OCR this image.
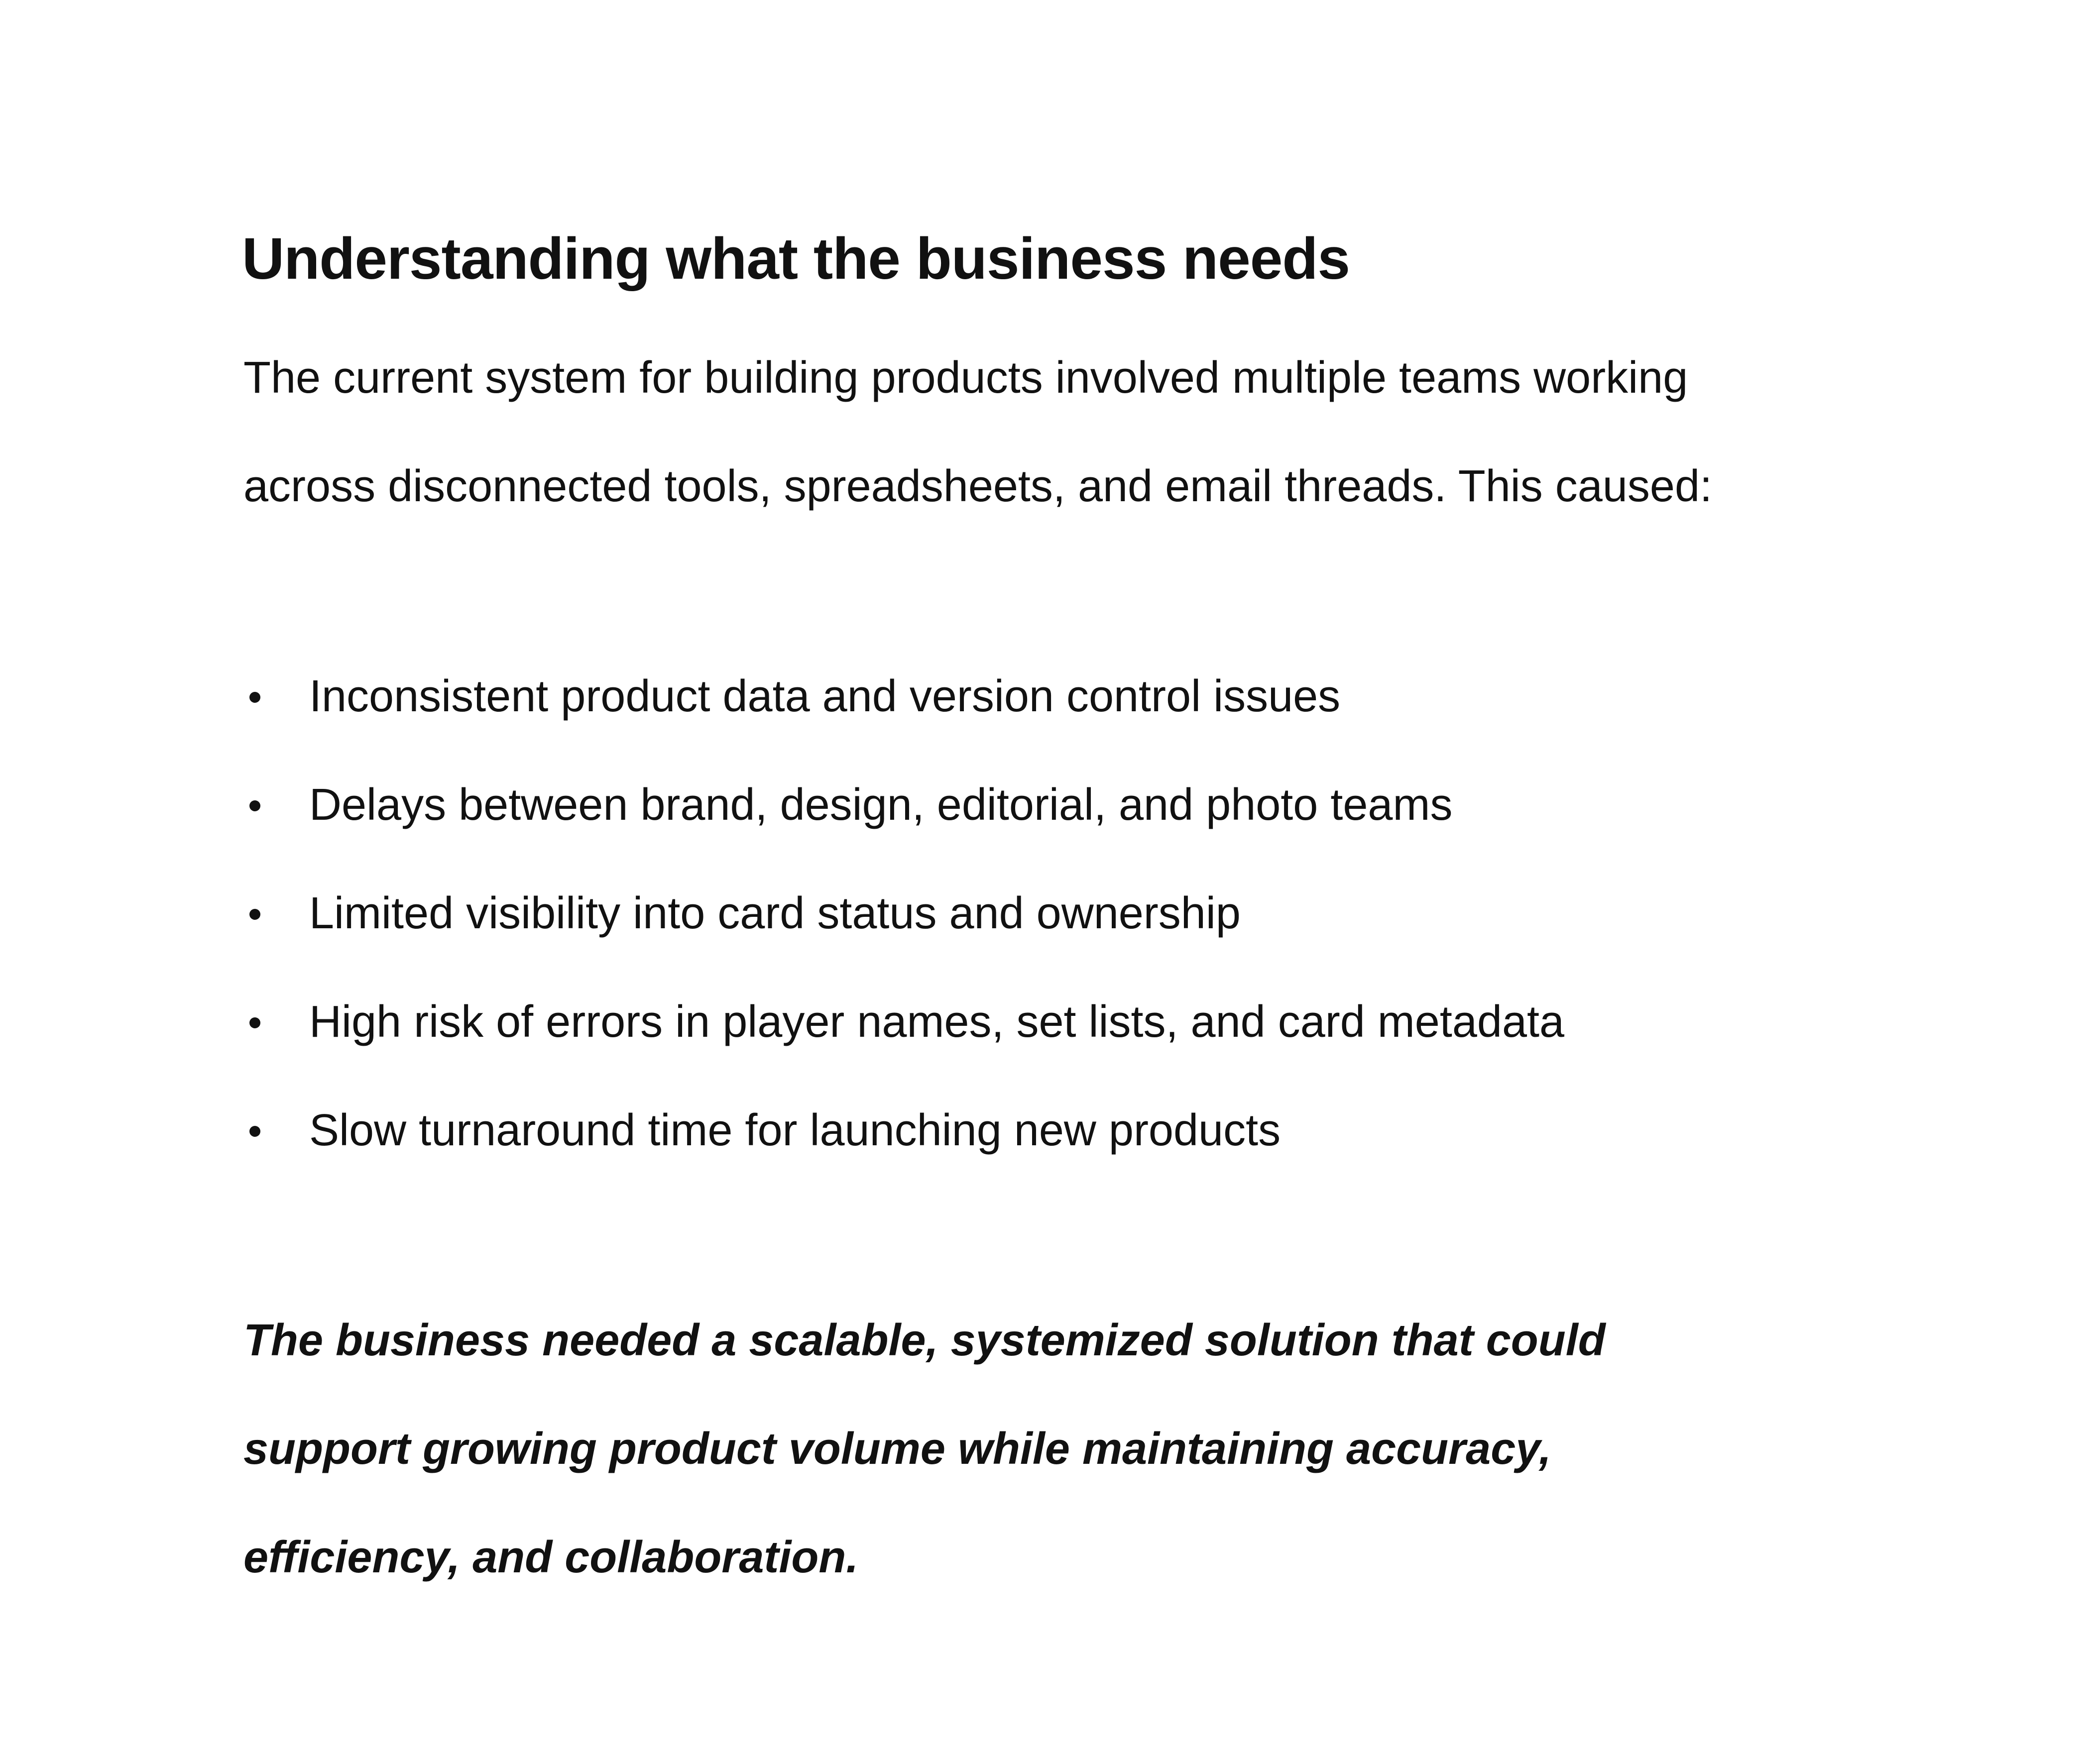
Understanding what the business needs

The current system for building products involved multiple teams working
across disconnected tools, spreadsheets, and email threads. This caused:

Inconsistent product data and version control issues
Delays between brand, design, editorial, and photo teams
Limited visibility into card status and ownership
High risk of errors in player names, set lists, and card metadata
Slow turnaround time for launching new products

The business needed a scalable, systemized solution that could
support growing product volume while maintaining accuracy,
efficiency, and collaboration.
